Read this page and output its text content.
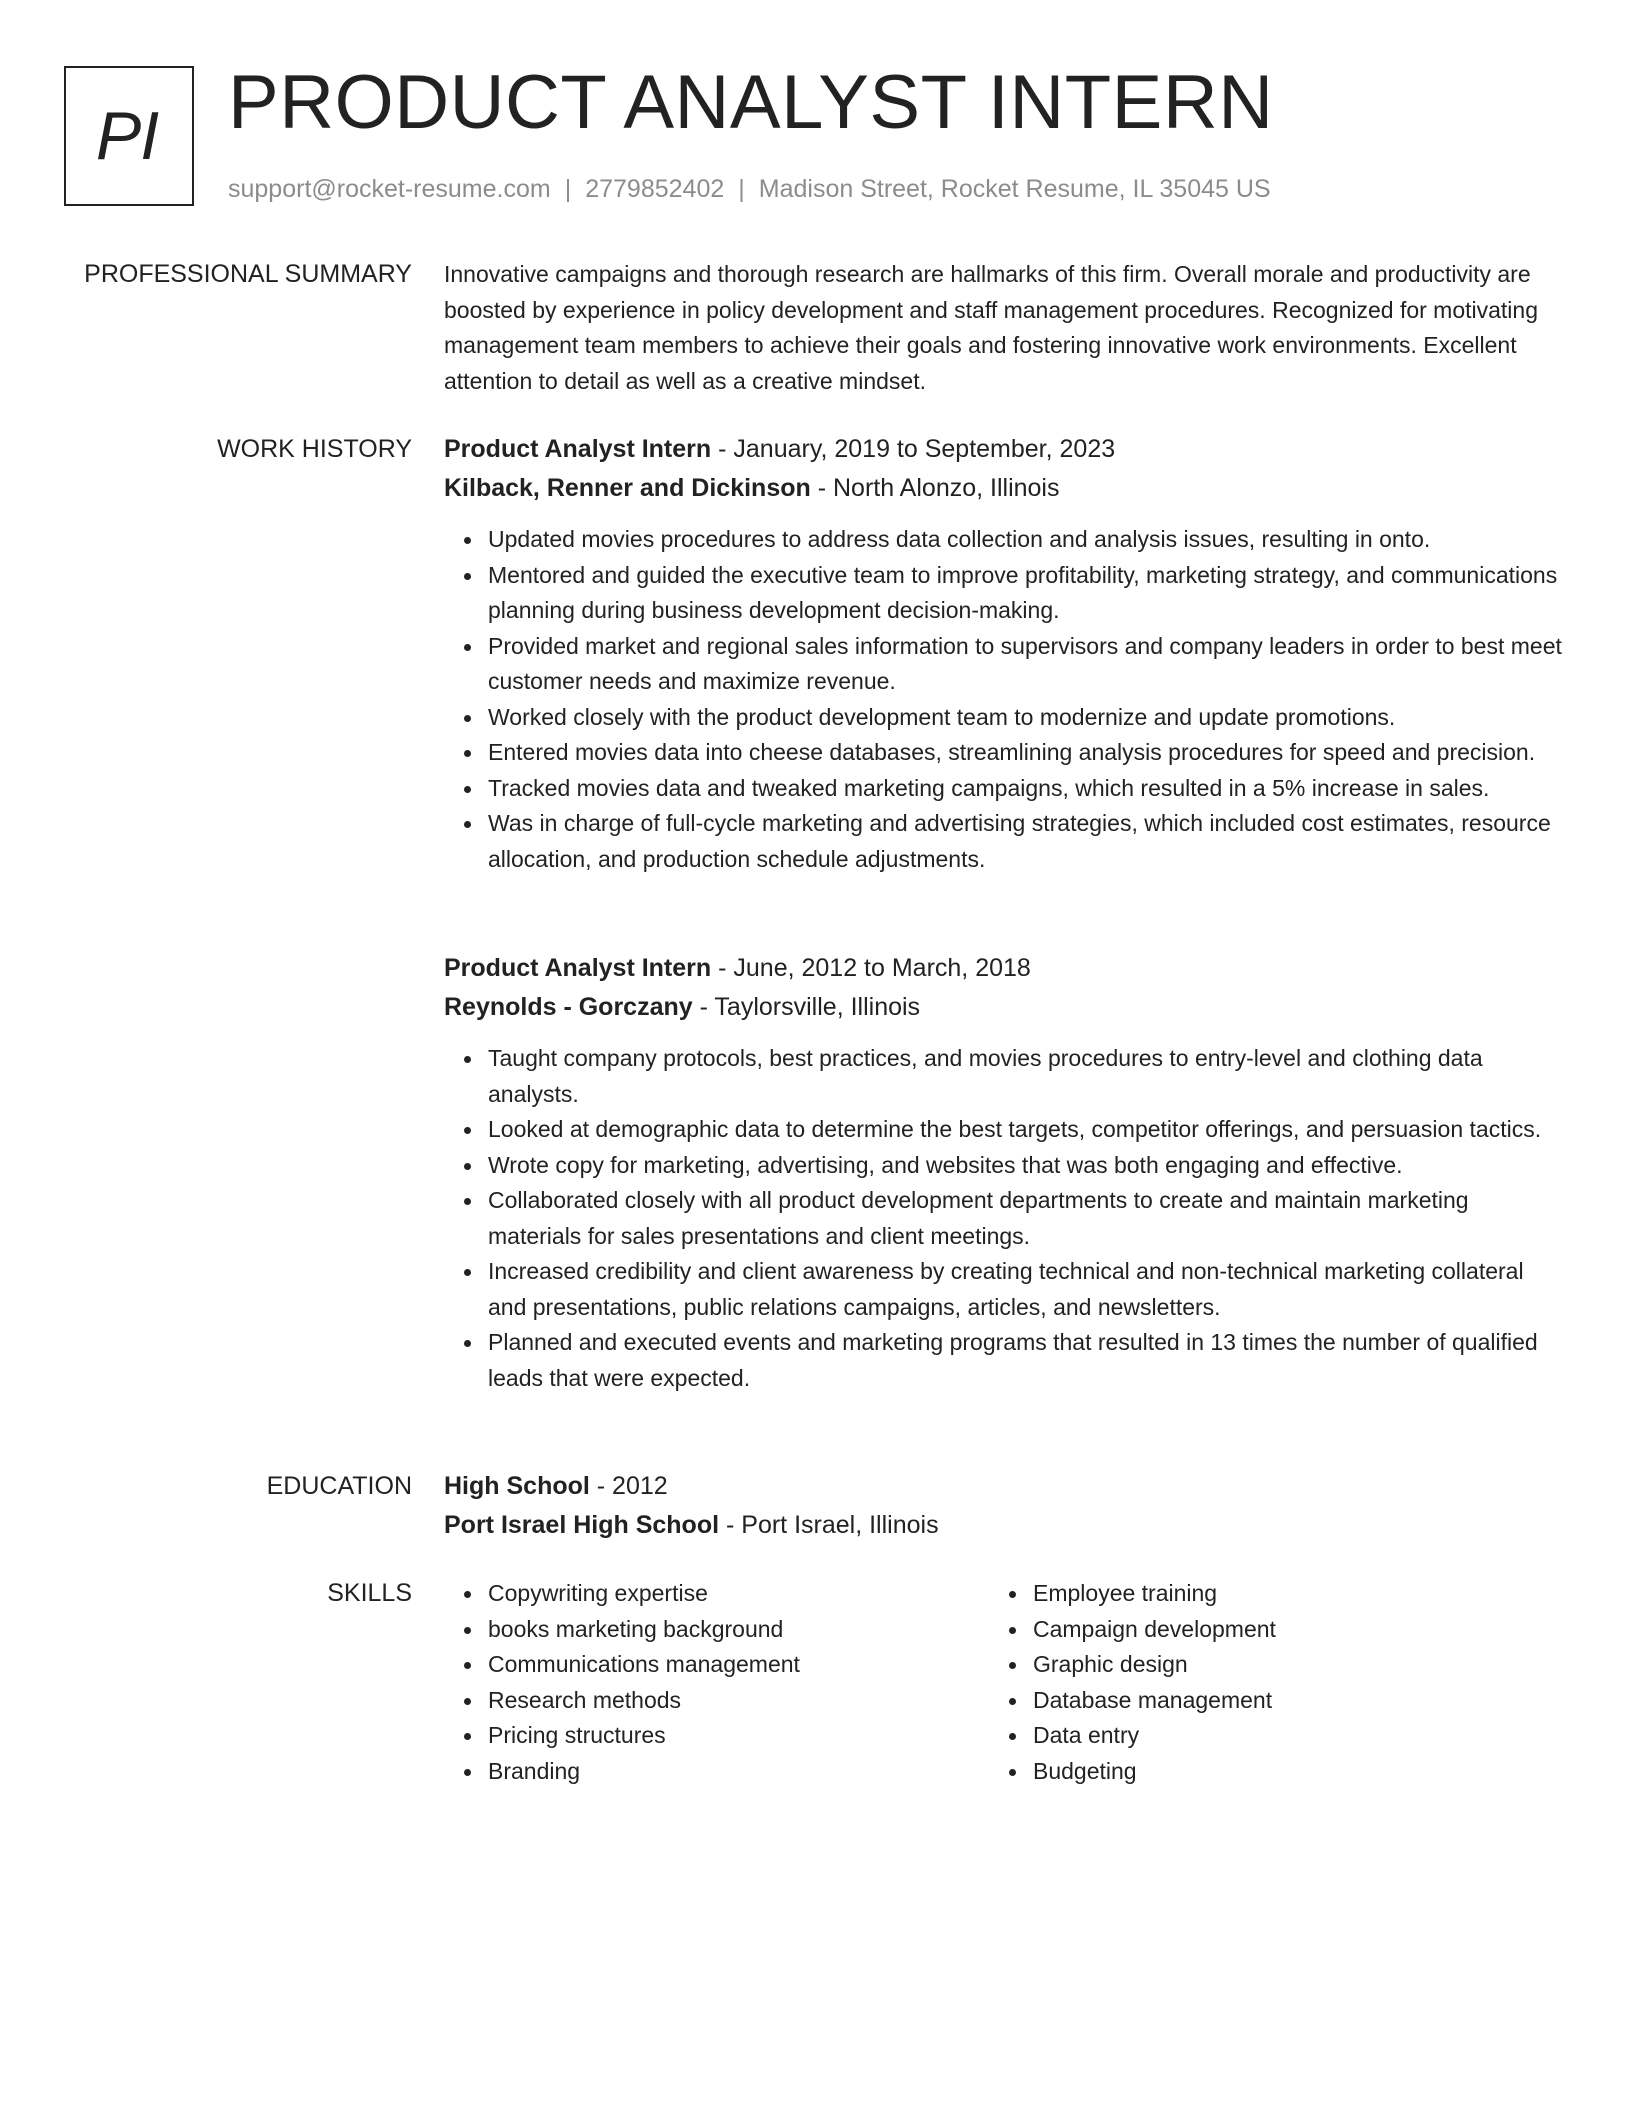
PI PRODUCT ANALYST INTERN
support@rocket-resume.com | 2779852402 | Madison Street, Rocket Resume, IL 35045 US
PROFESSIONAL SUMMARY Innovative campaigns and thorough research are hallmarks of this firm. Overall morale and productivity are boosted by experience in policy development and staff management procedures. Recognized for motivating management team members to achieve their goals and fostering innovative work environments. Excellent attention to detail as well as a creative mindset.

WORK HISTORY Product Analyst Intern - January, 2019 to September, 2023
Kilback, Renner and Dickinson - North Alonzo, Illinois
Updated movies procedures to address data collection and analysis issues, resulting in onto.
Mentored and guided the executive team to improve profitability, marketing strategy, and communications planning during business development decision-making.
Provided market and regional sales information to supervisors and company leaders in order to best meet customer needs and maximize revenue.
Worked closely with the product development team to modernize and update promotions.
Entered movies data into cheese databases, streamlining analysis procedures for speed and precision.
Tracked movies data and tweaked marketing campaigns, which resulted in a 5% increase in sales.
Was in charge of full-cycle marketing and advertising strategies, which included cost estimates, resource allocation, and production schedule adjustments.
Product Analyst Intern - June, 2012 to March, 2018
Reynolds - Gorczany - Taylorsville, Illinois
Taught company protocols, best practices, and movies procedures to entry-level and clothing data analysts.
Looked at demographic data to determine the best targets, competitor offerings, and persuasion tactics.
Wrote copy for marketing, advertising, and websites that was both engaging and effective.
Collaborated closely with all product development departments to create and maintain marketing materials for sales presentations and client meetings.
Increased credibility and client awareness by creating technical and non-technical marketing collateral and presentations, public relations campaigns, articles, and newsletters.
Planned and executed events and marketing programs that resulted in 13 times the number of qualified leads that were expected.
EDUCATION High School - 2012
Port Israel High School - Port Israel, Illinois
SKILLS	Copywriting expertise
books marketing background
Communications management
Research methods
Pricing structures
Branding
Employee training
Campaign development
Graphic design
Database management
Data entry
Budgeting
